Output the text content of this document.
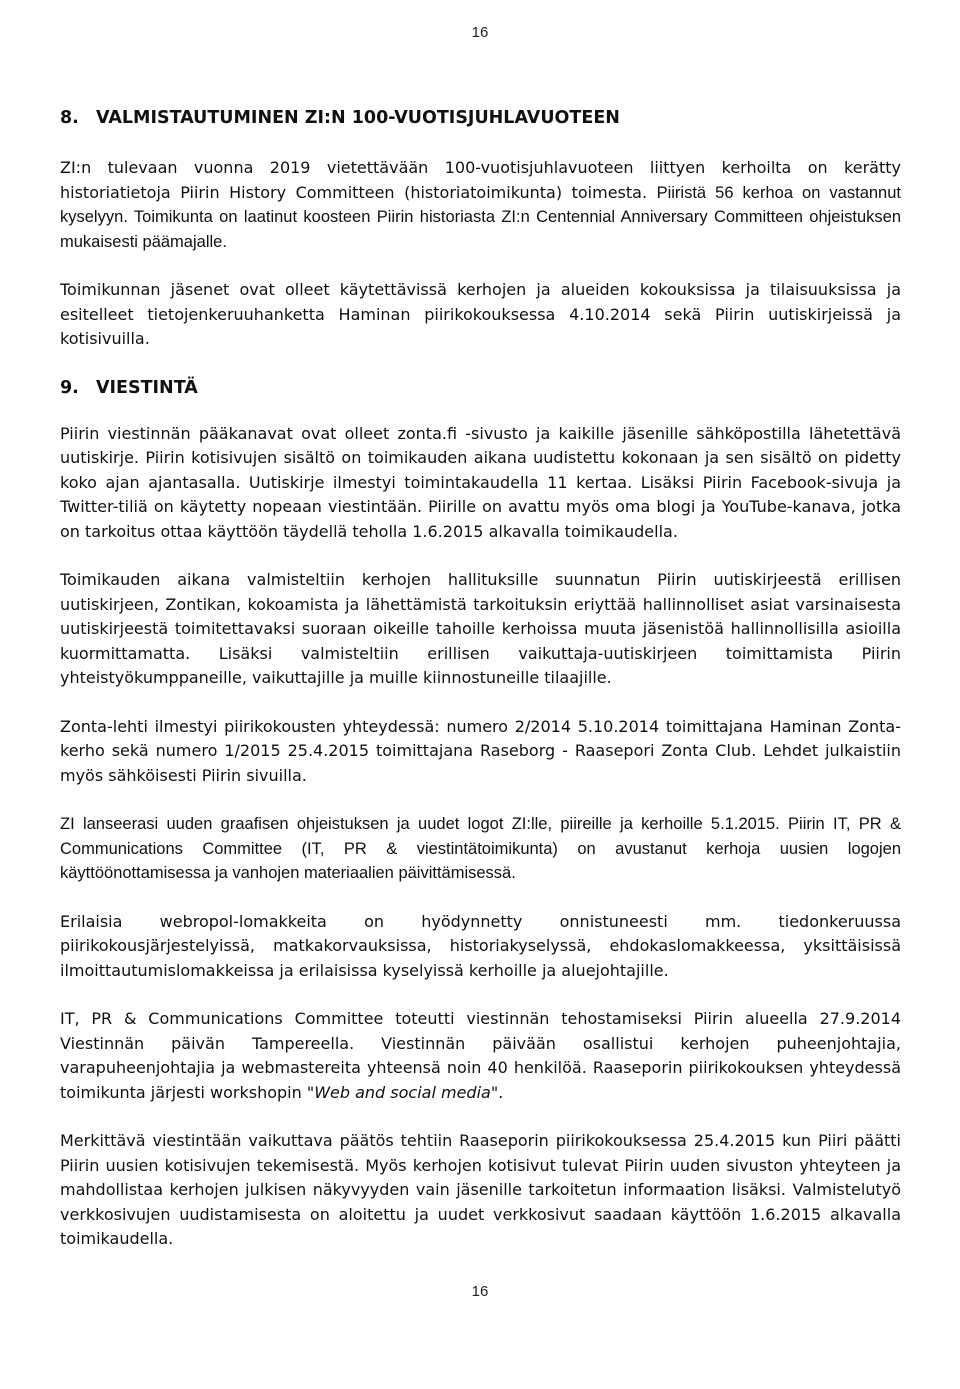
16
8. VALMISTAUTUMINEN ZI:N 100-VUOTISJUHLAVUOTEEN

ZI:n tulevaan vuonna 2019 vietettävään 100-vuotisjuhlavuoteen liittyen kerhoilta on kerätty historiatietoja Piirin History Committeen (historiatoimikunta) toimesta. Piiristä 56 kerhoa on vastannut kyselyyn. Toimikunta on laatinut koosteen Piirin historiasta ZI:n Centennial Anniversary Committeen ohjeistuksen mukaisesti päämajalle.

Toimikunnan jäsenet ovat olleet käytettävissä kerhojen ja alueiden kokouksissa ja tilaisuuksissa ja esitelleet tietojenkeruuhanketta Haminan piirikokouksessa 4.10.2014 sekä Piirin uutiskirjeissä ja kotisivuilla.

9. VIESTINTÄ

Piirin viestinnän pääkanavat ovat olleet zonta.fi -sivusto ja kaikille jäsenille sähköpostilla lähetettävä uutiskirje. Piirin kotisivujen sisältö on toimikauden aikana uudistettu kokonaan ja sen sisältö on pidetty koko ajan ajantasalla. Uutiskirje ilmestyi toimintakaudella 11 kertaa. Lisäksi Piirin Facebook-sivuja ja Twitter-tiliä on käytetty nopeaan viestintään. Piirille on avattu myös oma blogi ja YouTube-kanava, jotka on tarkoitus ottaa käyttöön täydellä teholla 1.6.2015 alkavalla toimikaudella.

Toimikauden aikana valmisteltiin kerhojen hallituksille suunnatun Piirin uutiskirjeestä erillisen uutiskirjeen, Zontikan, kokoamista ja lähettämistä tarkoituksin eriyttää hallinnolliset asiat varsinaisesta uutiskirjeestä toimitettavaksi suoraan oikeille tahoille kerhoissa muuta jäsenistöä hallinnollisilla asioilla kuormittamatta. Lisäksi valmisteltiin erillisen vaikuttaja-uutiskirjeen toimittamista Piirin yhteistyökumppaneille, vaikuttajille ja muille kiinnostuneille tilaajille.

Zonta-lehti ilmestyi piirikokousten yhteydessä: numero 2/2014 5.10.2014 toimittajana Haminan Zonta-kerho sekä numero 1/2015 25.4.2015 toimittajana Raseborg - Raasepori Zonta Club. Lehdet julkaistiin myös sähköisesti Piirin sivuilla.

ZI lanseerasi uuden graafisen ohjeistuksen ja uudet logot ZI:lle, piireille ja kerhoille 5.1.2015. Piirin IT, PR & Communications Committee (IT, PR & viestintätoimikunta) on avustanut kerhoja uusien logojen käyttöönottamisessa ja vanhojen materiaalien päivittämisessä.

Erilaisia webropol-lomakkeita on hyödynnetty onnistuneesti mm. tiedonkeruussa piirikokousjärjestelyissä, matkakorvauksissa, historiakyselyssä, ehdokaslomakkeessa, yksittäisissä ilmoittautumislomakkeissa ja erilaisissa kyselyissä kerhoille ja aluejohtajille.

IT, PR & Communications Committee toteutti viestinnän tehostamiseksi Piirin alueella 27.9.2014 Viestinnän päivän Tampereella. Viestinnän päivään osallistui kerhojen puheenjohtajia, varapuheenjohtajia ja webmastereita yhteensä noin 40 henkilöä. Raaseporin piirikokouksen yhteydessä toimikunta järjesti workshopin "Web and social media".

Merkittävä viestintään vaikuttava päätös tehtiin Raaseporin piirikokouksessa 25.4.2015 kun Piiri päätti Piirin uusien kotisivujen tekemisestä. Myös kerhojen kotisivut tulevat Piirin uuden sivuston yhteyteen ja mahdollistaa kerhojen julkisen näkyvyyden vain jäsenille tarkoitetun informaation lisäksi. Valmistelutyö verkkosivujen uudistamisesta on aloitettu ja uudet verkkosivut saadaan käyttöön 1.6.2015 alkavalla toimikaudella.

16
